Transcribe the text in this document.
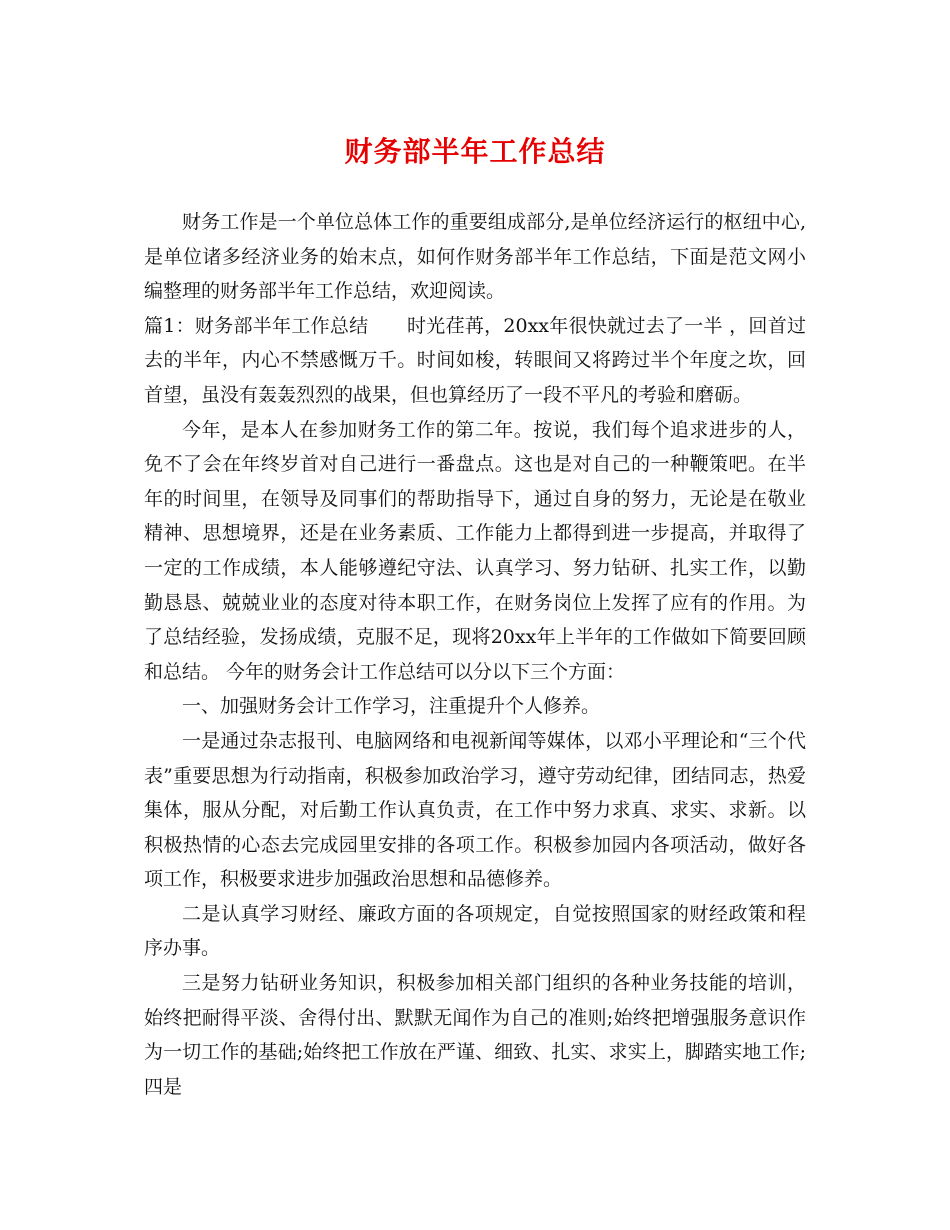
财务部半年工作总结

财务工作是一个单位总体工作的重要组成部分,是单位经济运行的枢纽中心,是单位诸多经济业务的始末点，如何作财务部半年工作总结，下面是范文网小编整理的财务部半年工作总结，欢迎阅读。

篇1：财务部半年工作总结　　时光荏苒，20xx年很快就过去了一半 ，回首过去的半年，内心不禁感慨万千。时间如梭，转眼间又将跨过半个年度之坎，回首望，虽没有轰轰烈烈的战果，但也算经历了一段不平凡的考验和磨砺。

今年，是本人在参加财务工作的第二年。按说，我们每个追求进步的人，免不了会在年终岁首对自己进行一番盘点。这也是对自己的一种鞭策吧。在半年的时间里，在领导及同事们的帮助指导下，通过自身的努力，无论是在敬业精神、思想境界，还是在业务素质、工作能力上都得到进一步提高，并取得了一定的工作成绩，本人能够遵纪守法、认真学习、努力钻研、扎实工作，以勤勤恳恳、兢兢业业的态度对待本职工作，在财务岗位上发挥了应有的作用。为了总结经验，发扬成绩，克服不足，现将20xx年上半年的工作做如下简要回顾和总结。 今年的财务会计工作总结可以分以下三个方面：

一、加强财务会计工作学习，注重提升个人修养。

一是通过杂志报刊、电脑网络和电视新闻等媒体，以邓小平理论和“三个代表”重要思想为行动指南，积极参加政治学习，遵守劳动纪律，团结同志，热爱集体，服从分配，对后勤工作认真负责，在工作中努力求真、求实、求新。以积极热情的心态去完成园里安排的各项工作。积极参加园内各项活动，做好各项工作，积极要求进步加强政治思想和品德修养。

二是认真学习财经、廉政方面的各项规定，自觉按照国家的财经政策和程序办事。

三是努力钻研业务知识，积极参加相关部门组织的各种业务技能的培训，始终把耐得平淡、舍得付出、默默无闻作为自己的准则;始终把增强服务意识作为一切工作的基础;始终把工作放在严谨、细致、扎实、求实上，脚踏实地工作;四是
